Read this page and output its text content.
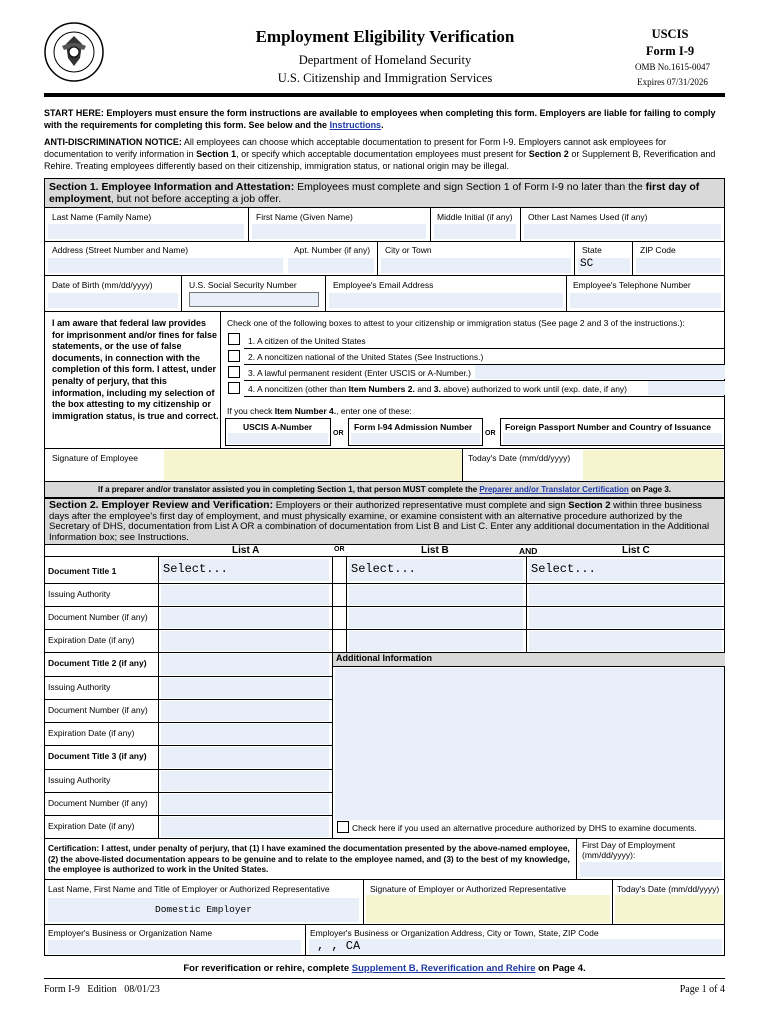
Employment Eligibility Verification
Department of Homeland Security
U.S. Citizenship and Immigration Services
USCIS
Form I-9
OMB No.1615-0047
Expires 07/31/2026
START HERE: Employers must ensure the form instructions are available to employees when completing this form. Employers are liable for failing to comply with the requirements for completing this form. See below and the Instructions.
ANTI-DISCRIMINATION NOTICE: All employees can choose which acceptable documentation to present for Form I-9. Employers cannot ask employees for documentation to verify information in Section 1, or specify which acceptable documentation employees must present for Section 2 or Supplement B, Reverification and Rehire. Treating employees differently based on their citizenship, immigration status, or national origin may be illegal.
Section 1. Employee Information and Attestation: Employees must complete and sign Section 1 of Form I-9 no later than the first day of employment, but not before accepting a job offer.
Last Name (Family Name)	First Name (Given Name)	Middle Initial (if any) Other Last Names Used (if any)
Address (Street Number and Name)	Apt. Number (if any) City or Town	State	ZIP Code
SC
Date of Birth (mm/dd/yyyy)	U.S. Social Security Number	Employee's Email Address	Employee's Telephone Number
I am aware that federal law provides for imprisonment and/or fines for false statements, or the use of false documents, in connection with the completion of this form. I attest, under penalty of perjury, that this information, including my selection of the box attesting to my citizenship or immigration status, is true and correct.
Check one of the following boxes to attest to your citizenship or immigration status (See page 2 and 3 of the instructions.):
1. A citizen of the United States
2. A noncitizen national of the United States (See Instructions.)
3. A lawful permanent resident (Enter USCIS or A-Number.)
4. A noncitizen (other than Item Numbers 2. and 3. above) authorized to work until (exp. date, if any)
If you check Item Number 4., enter one of these:
USCIS A-Number
OR
Form I-94 Admission Number
OR
Foreign Passport Number and Country of Issuance
Signature of Employee	Today's Date (mm/dd/yyyy)
If a preparer and/or translator assisted you in completing Section 1, that person MUST complete the Preparer and/or Translator Certification on Page 3.
Section 2. Employer Review and Verification: Employers or their authorized representative must complete and sign Section 2 within three business days after the employee's first day of employment, and must physically examine, or examine consistent with an alternative procedure authorized by the Secretary of DHS, documentation from List A OR a combination of documentation from List B and List C. Enter any additional documentation in the Additional Information box; see Instructions.
List A	OR	List B	AND	List C
Document Title 1	Select...	Select...	Select...
Issuing Authority
Document Number (if any)
Expiration Date (if any)
Document Title 2 (if any)	Additional Information
Issuing Authority
Document Number (if any)
Expiration Date (if any)
Document Title 3 (if any)
Issuing Authority
Document Number (if any)
Expiration Date (if any)	Check here if you used an alternative procedure authorized by DHS to examine documents.
Certification: I attest, under penalty of perjury, that (1) I have examined the documentation presented by the above-named employee, (2) the above-listed documentation appears to be genuine and to relate to the employee named, and (3) to the best of my knowledge, the employee is authorized to work in the United States.
First Day of Employment (mm/dd/yyyy):
Last Name, First Name and Title of Employer or Authorized Representative
Domestic Employer
Signature of Employer or Authorized Representative	Today's Date (mm/dd/yyyy)
Employer's Business or Organization Name	Employer's Business or Organization Address, City or Town, State, ZIP Code
, , CA
For reverification or rehire, complete Supplement B, Reverification and Rehire on Page 4.
Form I-9   Edition   08/01/23	Page 1 of 4
